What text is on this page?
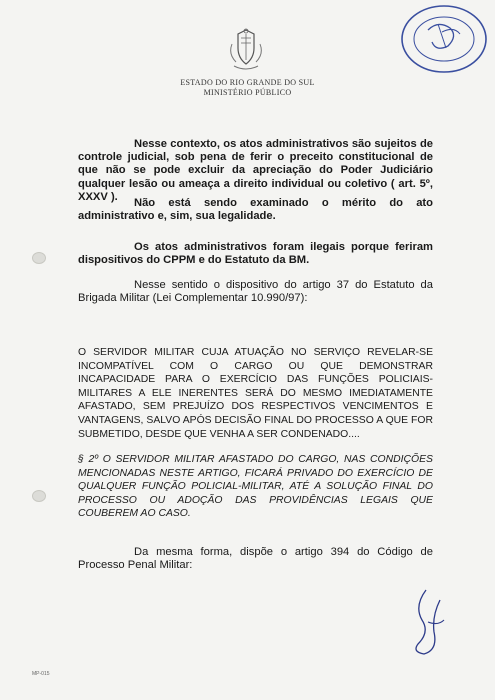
ESTADO DO RIO GRANDE DO SUL
MINISTÉRIO PÚBLICO
Nesse contexto, os atos administrativos são sujeitos de controle judicial, sob pena de ferir o preceito constitucional de que não se pode excluir da apreciação do Poder Judiciário qualquer lesão ou ameaça a direito individual ou coletivo ( art. 5º, XXXV ).
Não está sendo examinado o mérito do ato administrativo e, sim, sua legalidade.
Os atos administrativos foram ilegais porque feriram dispositivos do CPPM e do Estatuto da BM.
Nesse sentido o dispositivo do artigo 37 do Estatuto da Brigada Militar (Lei Complementar 10.990/97):
O SERVIDOR MILITAR CUJA ATUAÇÃO NO SERVIÇO REVELAR-SE INCOMPATÍVEL COM O CARGO OU QUE DEMONSTRAR INCAPACIDADE PARA O EXERCÍCIO DAS FUNÇÕES POLICIAIS-MILITARES A ELE INERENTES SERÁ DO MESMO IMEDIATAMENTE AFASTADO, SEM PREJUÍZO DOS RESPECTIVOS VENCIMENTOS E VANTAGENS, SALVO APÓS DECISÃO FINAL DO PROCESSO A QUE FOR SUBMETIDO, DESDE QUE VENHA A SER CONDENADO....
§ 2º O SERVIDOR MILITAR AFASTADO DO CARGO, NAS CONDIÇÕES MENCIONADAS NESTE ARTIGO, FICARÁ PRIVADO DO EXERCÍCIO DE QUALQUER FUNÇÃO POLICIAL-MILITAR, ATÉ A SOLUÇÃO FINAL DO PROCESSO OU ADOÇÃO DAS PROVIDÊNCIAS LEGAIS QUE COUBEREM AO CASO.
Da mesma forma, dispõe o artigo 394 do Código de Processo Penal Militar:
MP-015
